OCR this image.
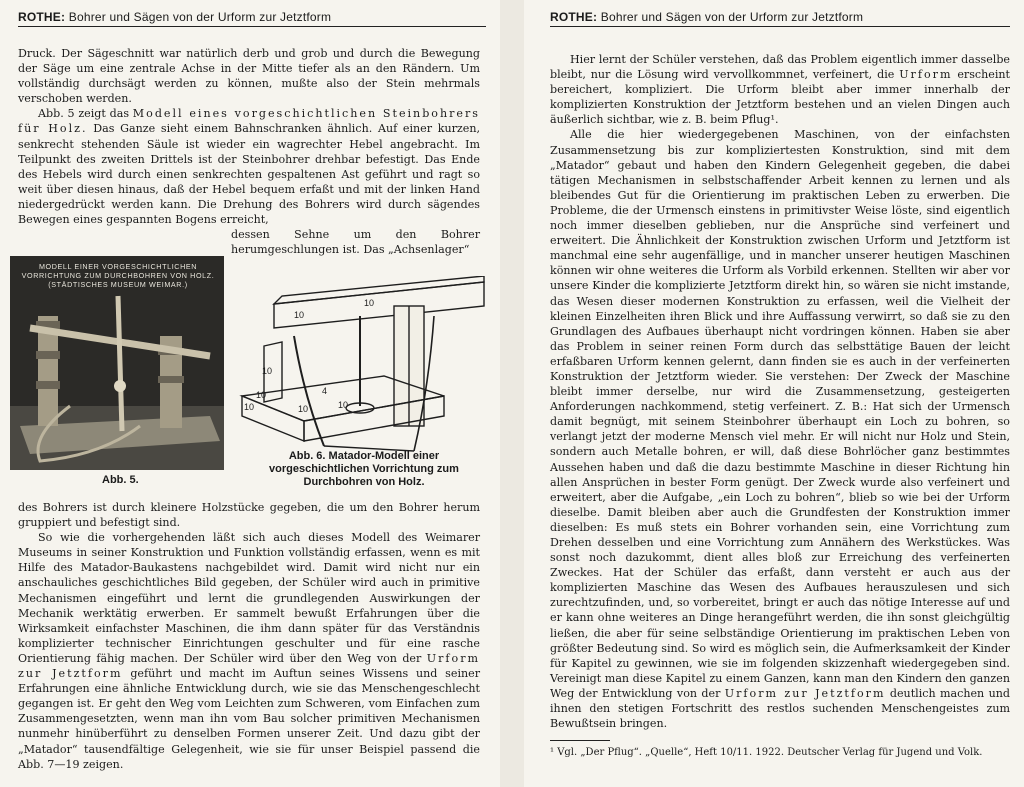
ROTHE: Bohrer und Sägen von der Urform zur Jetztform

Druck. Der Sägeschnitt war natürlich derb und grob und durch die Bewegung der Säge um eine zentrale Achse in der Mitte tiefer als an den Rändern. Um vollständig durchsägt werden zu können, mußte also der Stein mehrmals verschoben werden.

Abb. 5 zeigt das Modell eines vorgeschichtlichen Steinbohrers für Holz. Das Ganze sieht einem Bahnschranken ähnlich. Auf einer kurzen, senkrecht stehenden Säule ist wieder ein wagrechter Hebel angebracht. Im Teilpunkt des zweiten Drittels ist der Steinbohrer drehbar befestigt. Das Ende des Hebels wird durch einen senkrechten gespaltenen Ast geführt und ragt so weit über diesen hinaus, daß der Hebel bequem erfaßt und mit der linken Hand niedergedrückt werden kann. Die Drehung des Bohrers wird durch sägendes Bewegen eines gespannten Bogens erreicht,

dessen Sehne um den Bohrer herumgeschlungen ist. Das „Achsenlager“

MODELL EINER VORGESCHICHTLICHEN VORRICHTUNG ZUM DURCHBOHREN VON HOLZ. (STÄDTISCHES MUSEUM WEIMAR.)
Abb. 5.
10	4
10
10
10
10
10
10
Abb. 6. Matador-Modell einer vorgeschichtlichen Vorrichtung zum Durchbohren von Holz.

des Bohrers ist durch kleinere Holzstücke gegeben, die um den Bohrer herum gruppiert und befestigt sind.

So wie die vorhergehenden läßt sich auch dieses Modell des Weimarer Museums in seiner Konstruktion und Funktion vollständig erfassen, wenn es mit Hilfe des Matador-Baukastens nachgebildet wird. Damit wird nicht nur ein anschauliches geschichtliches Bild gegeben, der Schüler wird auch in primitive Mechanismen eingeführt und lernt die grundlegenden Auswirkungen der Mechanik werktätig erwerben. Er sammelt bewußt Erfahrungen über die Wirksamkeit einfachster Maschinen, die ihm dann später für das Verständnis komplizierter technischer Einrichtungen geschulter und für eine rasche Orientierung fähig machen. Der Schüler wird über den Weg von der Urform zur Jetztform geführt und macht im Auftun seines Wissens und seiner Erfahrungen eine ähnliche Entwicklung durch, wie sie das Menschengeschlecht gegangen ist. Er geht den Weg vom Leichten zum Schweren, vom Einfachen zum Zusammengesetzten, wenn man ihn vom Bau solcher primitiven Mechanismen nunmehr hinüberführt zu denselben Formen unserer Zeit. Und dazu gibt der „Matador“ tausendfältige Gelegenheit, wie sie für unser Beispiel passend die Abb. 7—19 zeigen.

ROTHE: Bohrer und Sägen von der Urform zur Jetztform

Hier lernt der Schüler verstehen, daß das Problem eigentlich immer dasselbe bleibt, nur die Lösung wird vervollkommnet, verfeinert, die Urform erscheint bereichert, kompliziert. Die Urform bleibt aber immer innerhalb der komplizierten Konstruktion der Jetztform bestehen und an vielen Dingen auch äußerlich sichtbar, wie z. B. beim Pflug¹.

Alle die hier wiedergegebenen Maschinen, von der einfachsten Zusammensetzung bis zur kompliziertesten Konstruktion, sind mit dem „Matador“ gebaut und haben den Kindern Gelegenheit gegeben, die dabei tätigen Mechanismen in selbstschaffender Arbeit kennen zu lernen und als bleibendes Gut für die Orientierung im praktischen Leben zu erwerben. Die Probleme, die der Urmensch einstens in primitivster Weise löste, sind eigentlich noch immer dieselben geblieben, nur die Ansprüche sind verfeinert und erweitert. Die Ähnlichkeit der Konstruktion zwischen Urform und Jetztform ist manchmal eine sehr augenfällige, und in mancher unserer heutigen Maschinen können wir ohne weiteres die Urform als Vorbild erkennen. Stellten wir aber vor unsere Kinder die komplizierte Jetztform direkt hin, so wären sie nicht imstande, das Wesen dieser modernen Konstruktion zu erfassen, weil die Vielheit der kleinen Einzelheiten ihren Blick und ihre Auffassung verwirrt, so daß sie zu den Grundlagen des Aufbaues überhaupt nicht vordringen können. Haben sie aber das Problem in seiner reinen Form durch das selbsttätige Bauen der leicht erfaßbaren Urform kennen gelernt, dann finden sie es auch in der verfeinerten Konstruktion der Jetztform wieder. Sie verstehen: Der Zweck der Maschine bleibt immer derselbe, nur wird die Zusammensetzung, gesteigerten Anforderungen nachkommend, stetig verfeinert. Z. B.: Hat sich der Urmensch damit begnügt, mit seinem Steinbohrer überhaupt ein Loch zu bohren, so verlangt jetzt der moderne Mensch viel mehr. Er will nicht nur Holz und Stein, sondern auch Metalle bohren, er will, daß diese Bohrlöcher ganz bestimmtes Aussehen haben und daß die dazu bestimmte Maschine in dieser Richtung hin allen Ansprüchen in bester Form genügt. Der Zweck wurde also verfeinert und erweitert, aber die Aufgabe, „ein Loch zu bohren“, blieb so wie bei der Urform dieselbe. Damit bleiben aber auch die Grundfesten der Konstruktion immer dieselben: Es muß stets ein Bohrer vorhanden sein, eine Vorrichtung zum Drehen desselben und eine Vorrichtung zum Annähern des Werkstückes. Was sonst noch dazukommt, dient alles bloß zur Erreichung des verfeinerten Zweckes. Hat der Schüler das erfaßt, dann versteht er auch aus der komplizierten Maschine das Wesen des Aufbaues herauszulesen und sich zurechtzufinden, und, so vorbereitet, bringt er auch das nötige Interesse auf und er kann ohne weiteres an Dinge herangeführt werden, die ihn sonst gleichgültig ließen, die aber für seine selbständige Orientierung im praktischen Leben von größter Bedeutung sind. So wird es möglich sein, die Aufmerksamkeit der Kinder für Kapitel zu gewinnen, wie sie im folgenden skizzenhaft wiedergegeben sind. Vereinigt man diese Kapitel zu einem Ganzen, kann man den Kindern den ganzen Weg der Entwicklung von der Urform zur Jetztform deutlich machen und ihnen den stetigen Fortschritt des restlos suchenden Menschengeistes zum Bewußtsein bringen.

¹ Vgl. „Der Pflug“. „Quelle“, Heft 10/11. 1922. Deutscher Verlag für Jugend und Volk.
